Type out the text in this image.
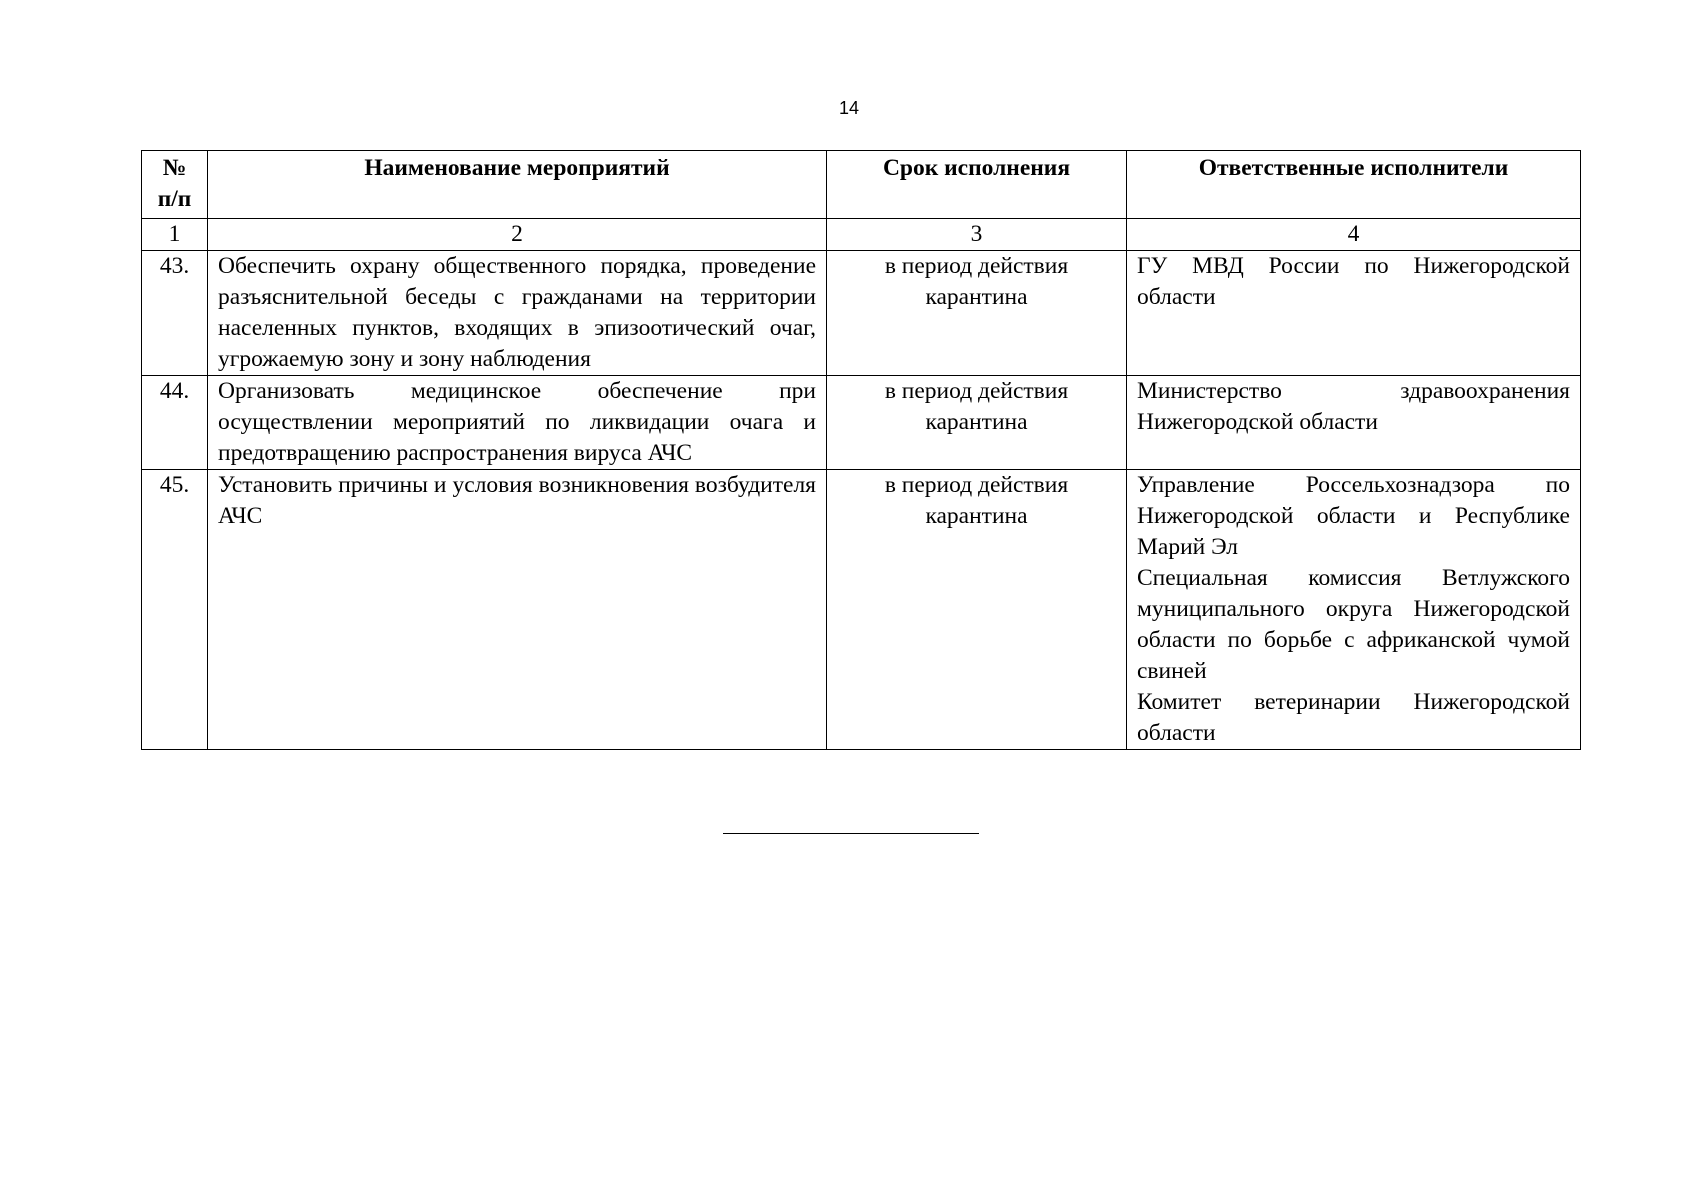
14
№ п/п	Наименование мероприятий	Срок исполнения	Ответственные исполнители
1	2	3	4
43.	Обеспечить охрану общественного порядка, проведение разъяснительной беседы с гражданами на территории населенных пунктов, входящих в эпизоотический очаг, угрожаемую зону и зону наблюдения	в период действия карантина	ГУ МВД России по Нижегородской области

44.	Организовать медицинское обеспечение при осуществлении мероприятий по ликвидации очага и предотвращению распространения вируса АЧС	в период действия карантина	Министерство здравоохранения Нижегородской области

45.	Установить причины и условия возникновения возбудителя АЧС	в период действия карантина	Управление Россельхознадзора по Нижегородской области и Республике Марий Эл
Специальная комиссия Ветлужского муниципального округа Нижегородской области по борьбе с африканской чумой свиней
Комитет ветеринарии Нижегородской области
